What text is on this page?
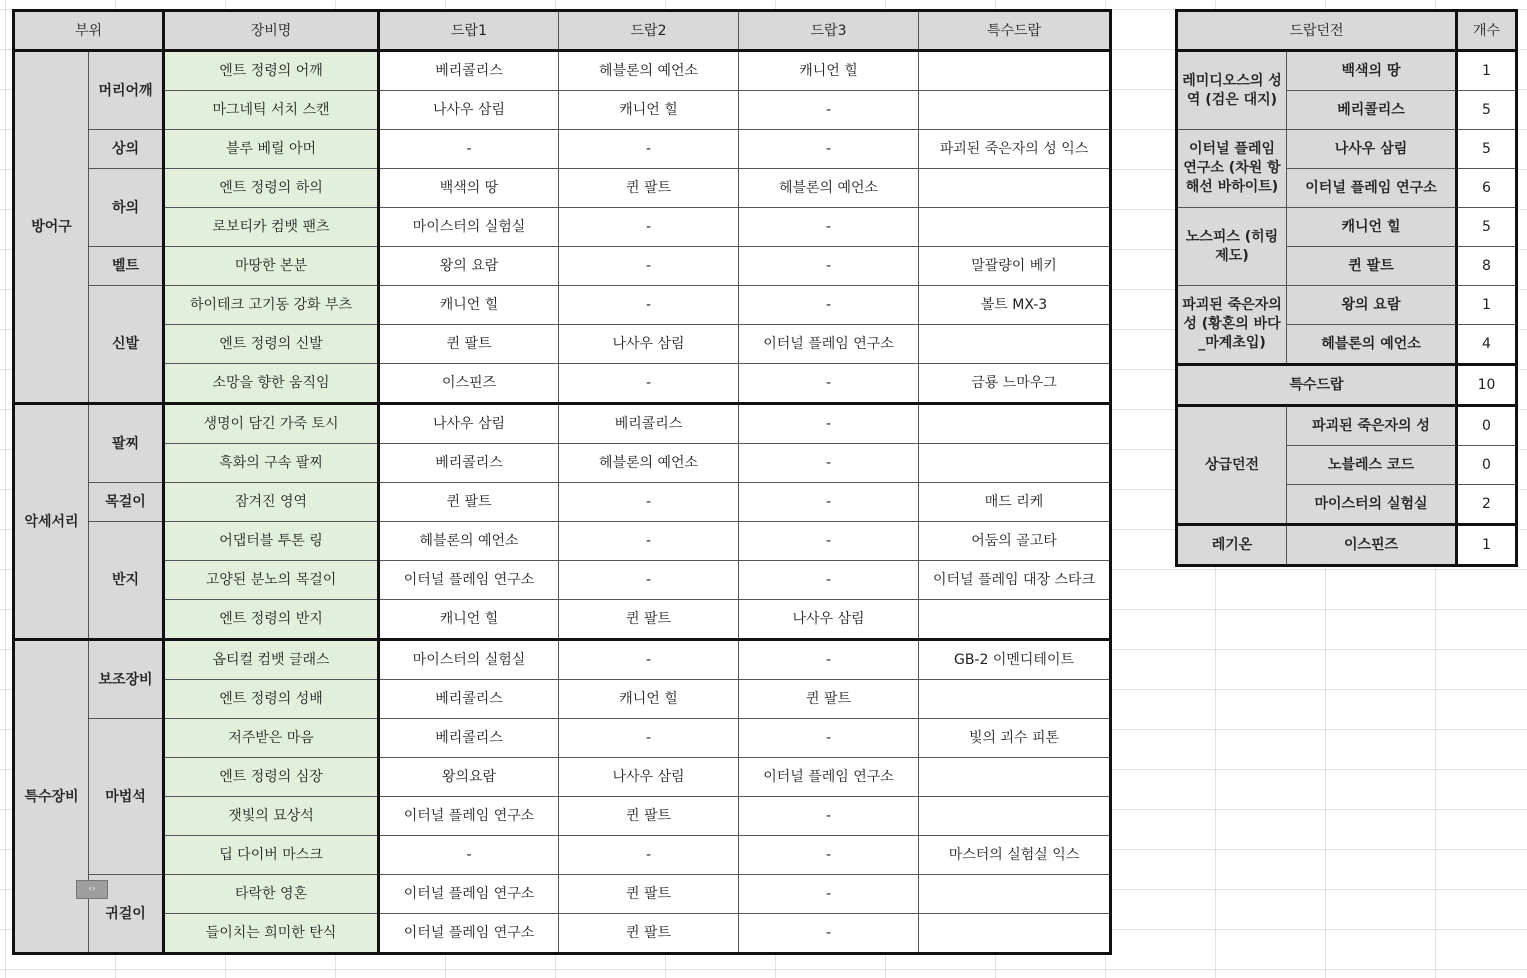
부위		장비명	드랍1	드랍2	드랍3	특수드랍
방어구	머리어깨	엔트 정령의 어깨	베리콜리스	헤블론의 예언소	캐니언 힐	
		마그네틱 서치 스캔	나사우 삼림	캐니언 힐	-	
	상의	블루 베릴 아머	-	-	-	파괴된 죽은자의 성 익스
	하의	엔트 정령의 하의	백색의 땅	퀸 팔트	헤블론의 예언소	
		로보티카 컴뱃 팬츠	마이스터의 실험실	-	-	
	벨트	마땅한 본분	왕의 요람	-	-	말괄량이 베키
	신발	하이테크 고기동 강화 부츠	캐니언 힐	-	-	볼트 MX-3
		엔트 정령의 신발	퀸 팔트	나사우 삼림	이터널 플레임 연구소	
		소망을 향한 움직임	이스핀즈	-	-	금룡 느마우그
악세서리	팔찌	생명이 담긴 가죽 토시	나사우 삼림	베리콜리스	-	
		흑화의 구속 팔찌	베리콜리스	헤블론의 예언소	-	
	목걸이	잠겨진 영역	퀸 팔트	-	-	매드 리케
	반지	어댑터블 투톤 링	헤블론의 예언소	-	-	어둠의 골고타
		고양된 분노의 목걸이	이터널 플레임 연구소	-	-	이터널 플레임 대장 스타크
		엔트 정령의 반지	캐니언 힐	퀸 팔트	나사우 삼림	
특수장비	보조장비	옵티컬 컴뱃 글래스	마이스터의 실험실	-	-	GB-2 이멘디테이트
		엔트 정령의 성배	베리콜리스	캐니언 힐	퀸 팔트	
	마법석	저주받은 마음	베리콜리스	-	-	빛의 괴수 피톤
		엔트 정령의 심장	왕의요람	나사우 삼림	이터널 플레임 연구소	
		잿빛의 묘상석	이터널 플레임 연구소	퀸 팔트	-	
		딥 다이버 마스크	-	-	-	마스터의 실험실 익스
	귀걸이	타락한 영혼	이터널 플레임 연구소	퀸 팔트	-	
		들이치는 희미한 탄식	이터널 플레임 연구소	퀸 팔트	-	
드랍던전		개수
레미디오스의 성역 (검은 대지)	백색의 땅	1
	베리콜리스	5
이터널 플레임 연구소 (차원 항해선 바하이트)	나사우 삼림	5
	이터널 플레임 연구소	6
노스피스 (히링 제도)	캐니언 힐	5
	퀸 팔트	8
파괴된 죽은자의 성 (황혼의 바다 _마계초입)	왕의 요람	1
	헤블론의 예언소	4
특수드랍		10
상급던전	파괴된 죽은자의 성	0
	노블레스 코드	0
	마이스터의 실험실	2
레기온	이스핀즈	1
‹›
